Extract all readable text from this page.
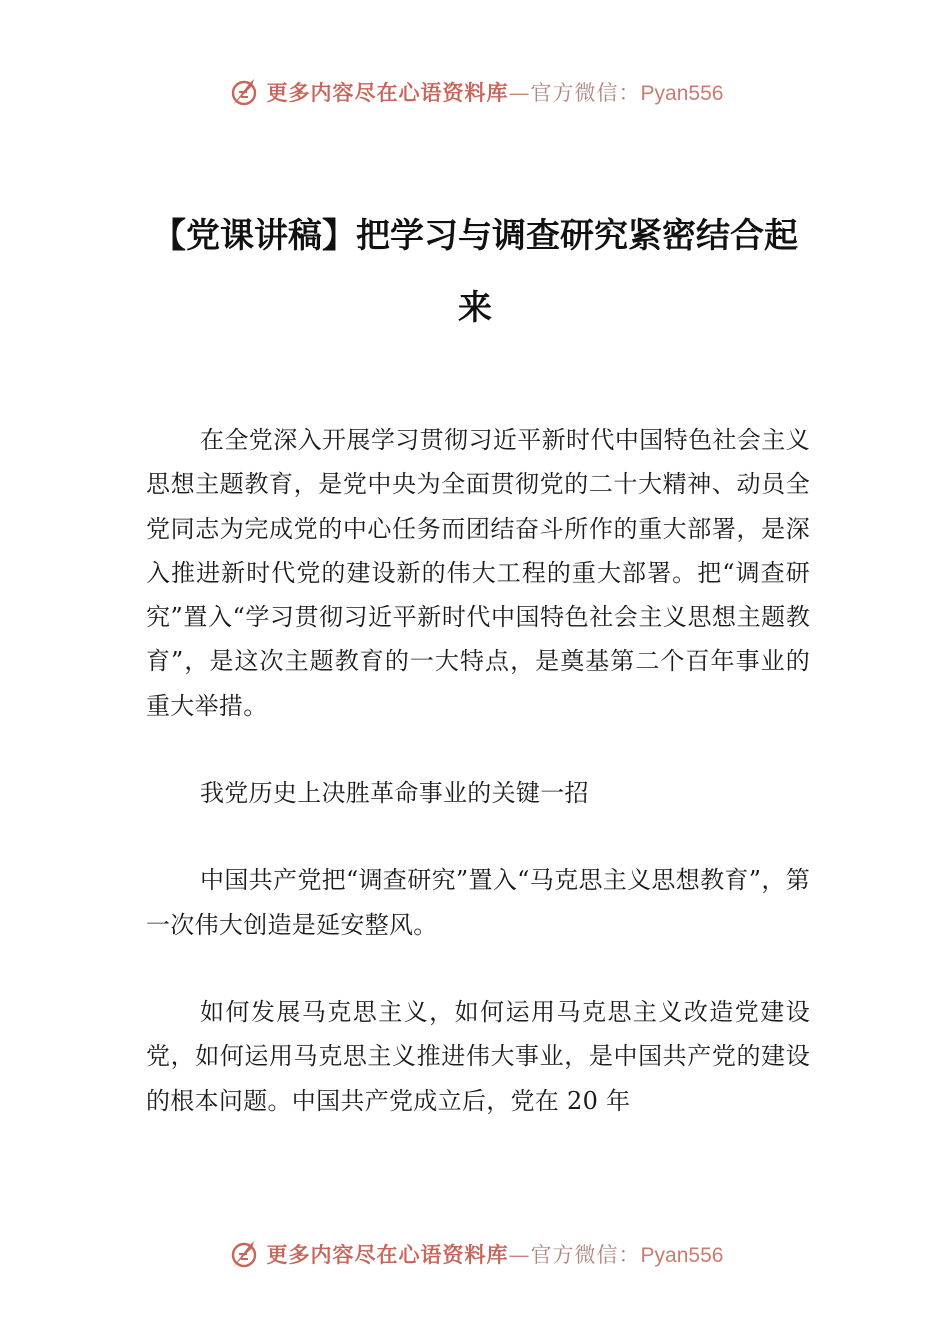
更多内容尽在心语资料库—官方微信：Pyan556
【党课讲稿】把学习与调查研究紧密结合起来

在全党深入开展学习贯彻习近平新时代中国特色社会主义思想主题教育，是党中央为全面贯彻党的二十大精神、动员全党同志为完成党的中心任务而团结奋斗所作的重大部署，是深入推进新时代党的建设新的伟大工程的重大部署。把“调查研究”置入“学习贯彻习近平新时代中国特色社会主义思想主题教育”，是这次主题教育的一大特点，是奠基第二个百年事业的重大举措。

我党历史上决胜革命事业的关键一招

中国共产党把“调查研究”置入“马克思主义思想教育”，第一次伟大创造是延安整风。

如何发展马克思主义，如何运用马克思主义改造党建设党，如何运用马克思主义推进伟大事业，是中国共产党的建设的根本问题。中国共产党成立后，党在 20 年

更多内容尽在心语资料库—官方微信：Pyan556
